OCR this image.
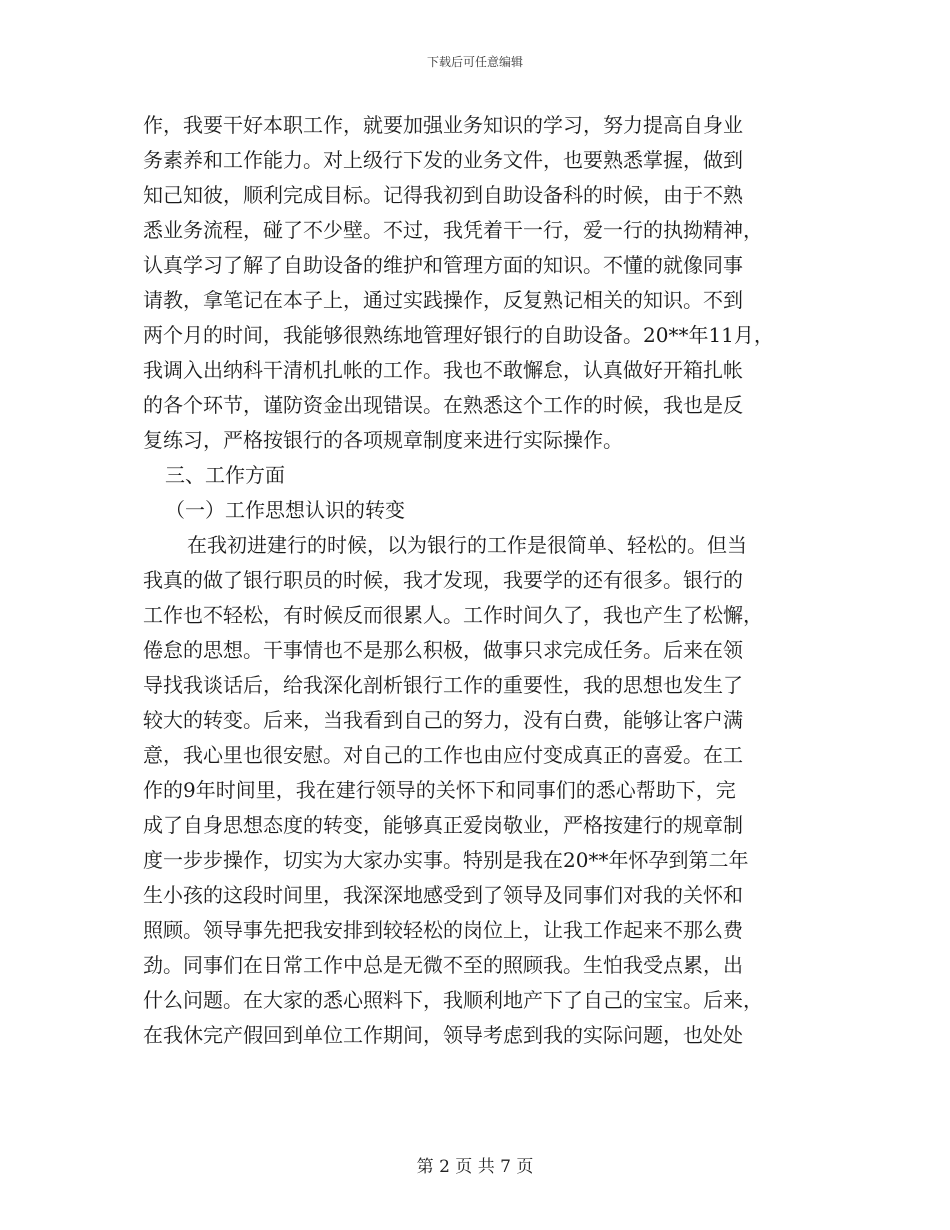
下载后可任意编辑
作，我要干好本职工作，就要加强业务知识的学习，努力提高自身业
务素养和工作能力。对上级行下发的业务文件，也要熟悉掌握，做到
知己知彼，顺利完成目标。记得我初到自助设备科的时候，由于不熟
悉业务流程，碰了不少壁。不过，我凭着干一行，爱一行的执拗精神，
认真学习了解了自助设备的维护和管理方面的知识。不懂的就像同事
请教，拿笔记在本子上，通过实践操作，反复熟记相关的知识。不到
两个月的时间，我能够很熟练地管理好银行的自助设备。20**年11月，
我调入出纳科干清机扎帐的工作。我也不敢懈怠，认真做好开箱扎帐
的各个环节，谨防资金出现错误。在熟悉这个工作的时候，我也是反
复练习，严格按银行的各项规章制度来进行实际操作。
三、工作方面
（一）工作思想认识的转变
在我初进建行的时候，以为银行的工作是很简单、轻松的。但当
我真的做了银行职员的时候，我才发现，我要学的还有很多。银行的
工作也不轻松，有时候反而很累人。工作时间久了，我也产生了松懈，
倦怠的思想。干事情也不是那么积极，做事只求完成任务。后来在领
导找我谈话后，给我深化剖析银行工作的重要性，我的思想也发生了
较大的转变。后来，当我看到自己的努力，没有白费，能够让客户满
意，我心里也很安慰。对自己的工作也由应付变成真正的喜爱。在工
作的9年时间里，我在建行领导的关怀下和同事们的悉心帮助下，完
成了自身思想态度的转变，能够真正爱岗敬业，严格按建行的规章制
度一步步操作，切实为大家办实事。特别是我在20**年怀孕到第二年
生小孩的这段时间里，我深深地感受到了领导及同事们对我的关怀和
照顾。领导事先把我安排到较轻松的岗位上，让我工作起来不那么费
劲。同事们在日常工作中总是无微不至的照顾我。生怕我受点累，出
什么问题。在大家的悉心照料下，我顺利地产下了自己的宝宝。后来，
在我休完产假回到单位工作期间，领导考虑到我的实际问题，也处处
第 2 页 共 7 页
